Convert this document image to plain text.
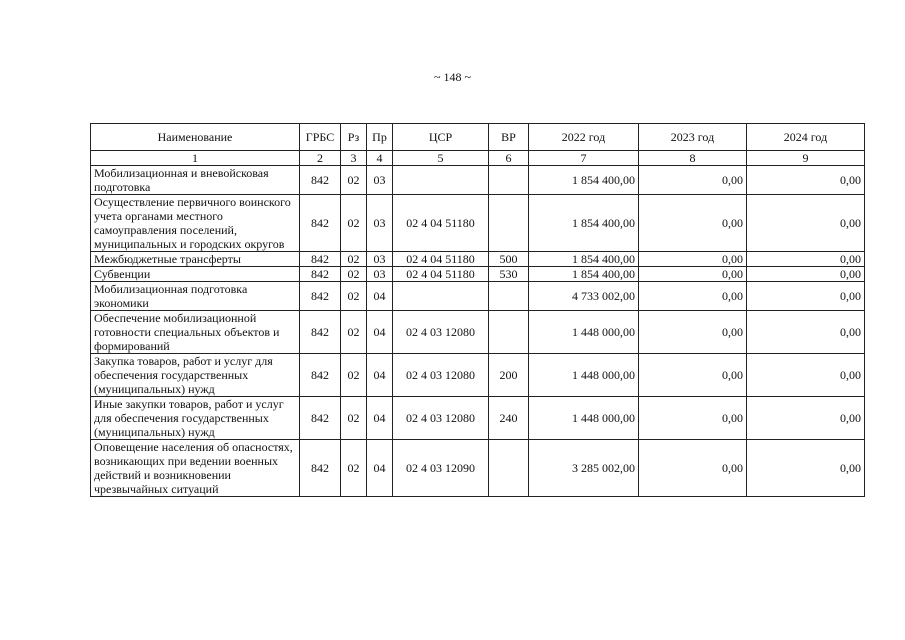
~ 148 ~
Наименование	ГРБС	Рз	Пр	ЦСР	ВР	2022 год	2023 год	2024 год
1	2	3	4	5	6	7	8	9
Мобилизационная и вневойсковая подготовка	842	02	03			1 854 400,00	0,00	0,00
Осуществление первичного воинского учета органами местного самоуправления поселений, муниципальных и городских округов	842	02	03	02 4 04 51180		1 854 400,00	0,00	0,00
Межбюджетные трансферты	842	02	03	02 4 04 51180	500	1 854 400,00	0,00	0,00
Субвенции	842	02	03	02 4 04 51180	530	1 854 400,00	0,00	0,00
Мобилизационная подготовка экономики	842	02	04			4 733 002,00	0,00	0,00
Обеспечение мобилизационной готовности специальных объектов и формирований	842	02	04	02 4 03 12080		1 448 000,00	0,00	0,00
Закупка товаров, работ и услуг для обеспечения государственных (муниципальных) нужд	842	02	04	02 4 03 12080	200	1 448 000,00	0,00	0,00
Иные закупки товаров, работ и услуг для обеспечения государственных (муниципальных) нужд	842	02	04	02 4 03 12080	240	1 448 000,00	0,00	0,00
Оповещение населения об опасностях, возникающих при ведении военных действий и возникновении чрезвычайных ситуаций	842	02	04	02 4 03 12090		3 285 002,00	0,00	0,00
